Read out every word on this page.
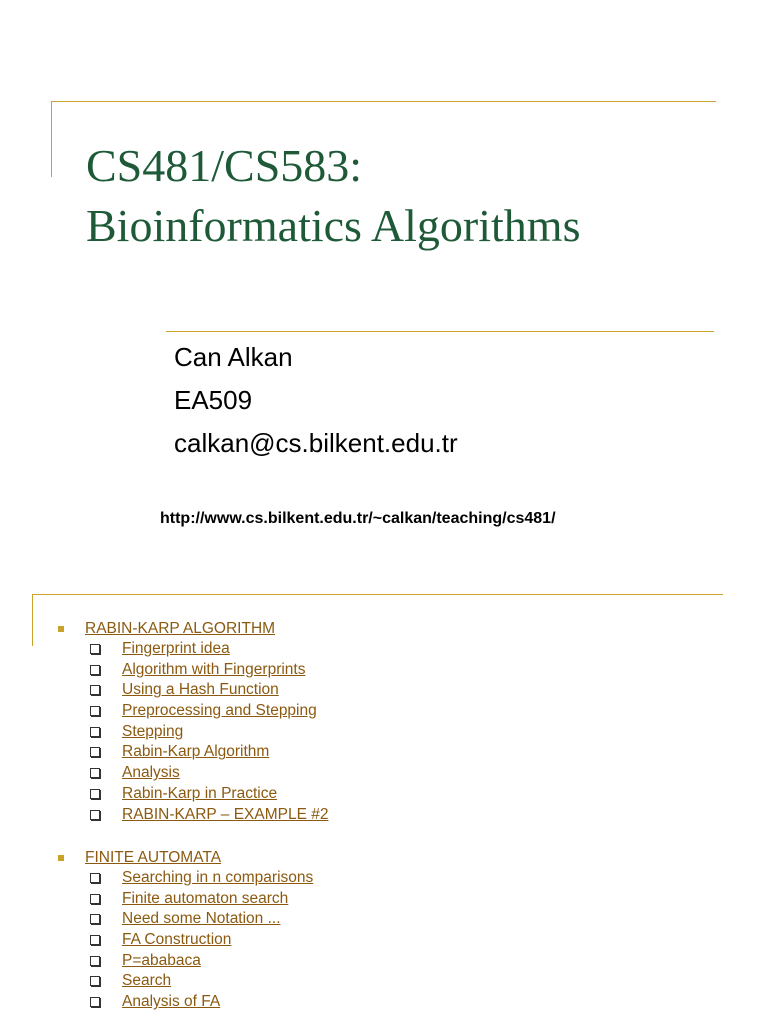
CS481/CS583:
Bioinformatics Algorithms
Can Alkan
EA509
calkan@cs.bilkent.edu.tr
http://www.cs.bilkent.edu.tr/~calkan/teaching/cs481/
RABIN-KARP ALGORITHM
Fingerprint idea
Algorithm with Fingerprints
Using a Hash Function
Preprocessing and Stepping
Stepping
Rabin-Karp Algorithm
Analysis
Rabin-Karp in Practice
RABIN-KARP – EXAMPLE #2
FINITE AUTOMATA
Searching in n comparisons
Finite automaton search
Need some Notation ...
FA Construction
P=ababaca
Search
Analysis of FA
